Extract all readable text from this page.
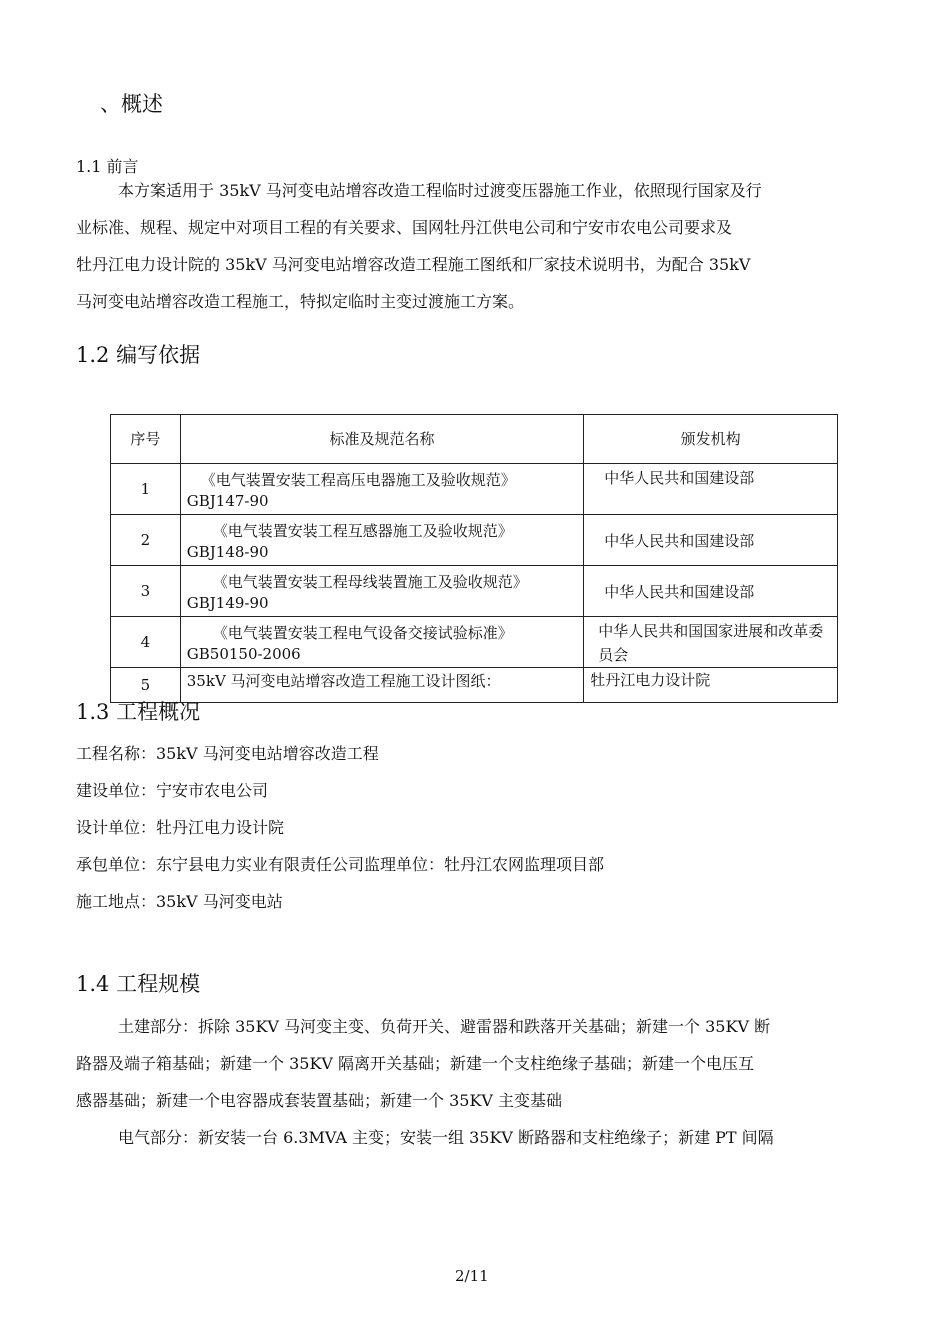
、概述
1.1 前言
本方案适用于 35kV 马河变电站增容改造工程临时过渡变压器施工作业，依照现行国家及行
业标准、规程、规定中对项目工程的有关要求、国网牡丹江供电公司和宁安市农电公司要求及
牡丹江电力设计院的 35kV 马河变电站增容改造工程施工图纸和厂家技术说明书，为配合 35kV
马河变电站增容改造工程施工，特拟定临时主变过渡施工方案。
1.2 编写依据
序号	标准及规范名称	颁发机构
1	《电气装置安装工程高压电器施工及验收规范》
GBJ147-90	中华人民共和国建设部

2	《电气装置安装工程互感器施工及验收规范》
GBJ148-90	中华人民共和国建设部

3	《电气装置安装工程母线装置施工及验收规范》
GBJ149-90	中华人民共和国建设部

4	《电气装置安装工程电气设备交接试验标准》
GB50150-2006	中华人民共和国国家进展和改革委员会

5	35kV 马河变电站增容改造工程施工设计图纸：	牡丹江电力设计院
1.3 工程概况
工程名称：35kV 马河变电站增容改造工程
建设单位：宁安市农电公司
设计单位：牡丹江电力设计院
承包单位：东宁县电力实业有限责任公司监理单位：牡丹江农网监理项目部
施工地点：35kV 马河变电站
1.4 工程规模
土建部分：拆除 35KV 马河变主变、负荷开关、避雷器和跌落开关基础；新建一个 35KV 断
路器及端子箱基础；新建一个 35KV 隔离开关基础；新建一个支柱绝缘子基础；新建一个电压互
感器基础；新建一个电容器成套装置基础；新建一个 35KV 主变基础
电气部分：新安装一台 6.3MVA 主变；安装一组 35KV 断路器和支柱绝缘子；新建 PT 间隔
2/11
